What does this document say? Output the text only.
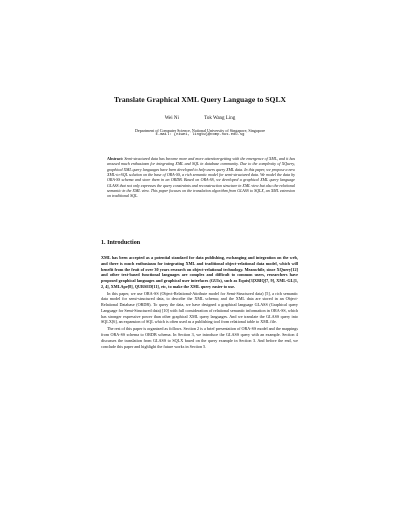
Translate Graphical XML Query Language to SQLX
Wei Ni	Tok Wang Ling
Department of Computer Science, National University of Singapore, Singapore
E-mail: {niwei, lingtw}@comp.nus.edu.sg
Abstract: Semi-structured data has become more and more attention-getting with the emergence of XML, and it has aroused much enthusiasm for integrating XML and SQL in database community. Due to the complexity of XQuery, graphical XML query languages have been developed to help users query XML data. In this paper, we propose a new XML-to-SQL solution on the base of ORA-SS, a rich semantic model for semi-structured data. We model the data by ORA-SS schema and store them in an ORDB. Based on ORA-SS, we developed a graphical XML query language GLASS that not only expresses the query constraints and reconstruction structure in XML view but also the relational semantic in the XML view. This paper focuses on the translation algorithm from GLASS to SQLX, an XML extension on traditional SQL.
1. Introduction

XML has been accepted as a potential standard for data publishing, exchanging and integration on the web, and there is much enthusiasm for integrating XML and traditional object-relational data model, which will benefit from the fruit of over 30 years research on object-relational technology. Meanwhile, since XQuery[12] and other text-based functional languages are complex and difficult to common users, researchers have proposed graphical languages and graphical user interfaces (GUIs), such as Equix[3]XBIQ[7, 9], XML-GL[1, 2, 4], XMLApe[8], QURSED[11], etc, to make the XML query easier to use.

In this paper, we use ORA-SS (Object-Relational-Attribute model for Semi-Structured data) [5], a rich semantic data model for semi-structured data, to describe the XML schema; and the XML data are stored in an Object-Relational Database (ORDB). To query the data, we have designed a graphical language GLASS (Graphical query Language for Semi-Structured data) [10] with full consideration of relational semantic information in ORA-SS, which has stronger expressive power than other graphical XML query languages. And we translate the GLASS query into SQLX[6], an expansion of SQL which is often used as a publishing tool from relational table to XML file.

The rest of this paper is organized as follows. Section 2 is a brief presentation of ORA-SS model and the mappings from ORA-SS schema to ORDB schema. In Section 3, we introduce the GLASS query with an example. Section 4 discusses the translation from GLASS to SQLX based on the query example in Section 3. And before the end, we conclude this paper and highlight the future works in Section 5.
